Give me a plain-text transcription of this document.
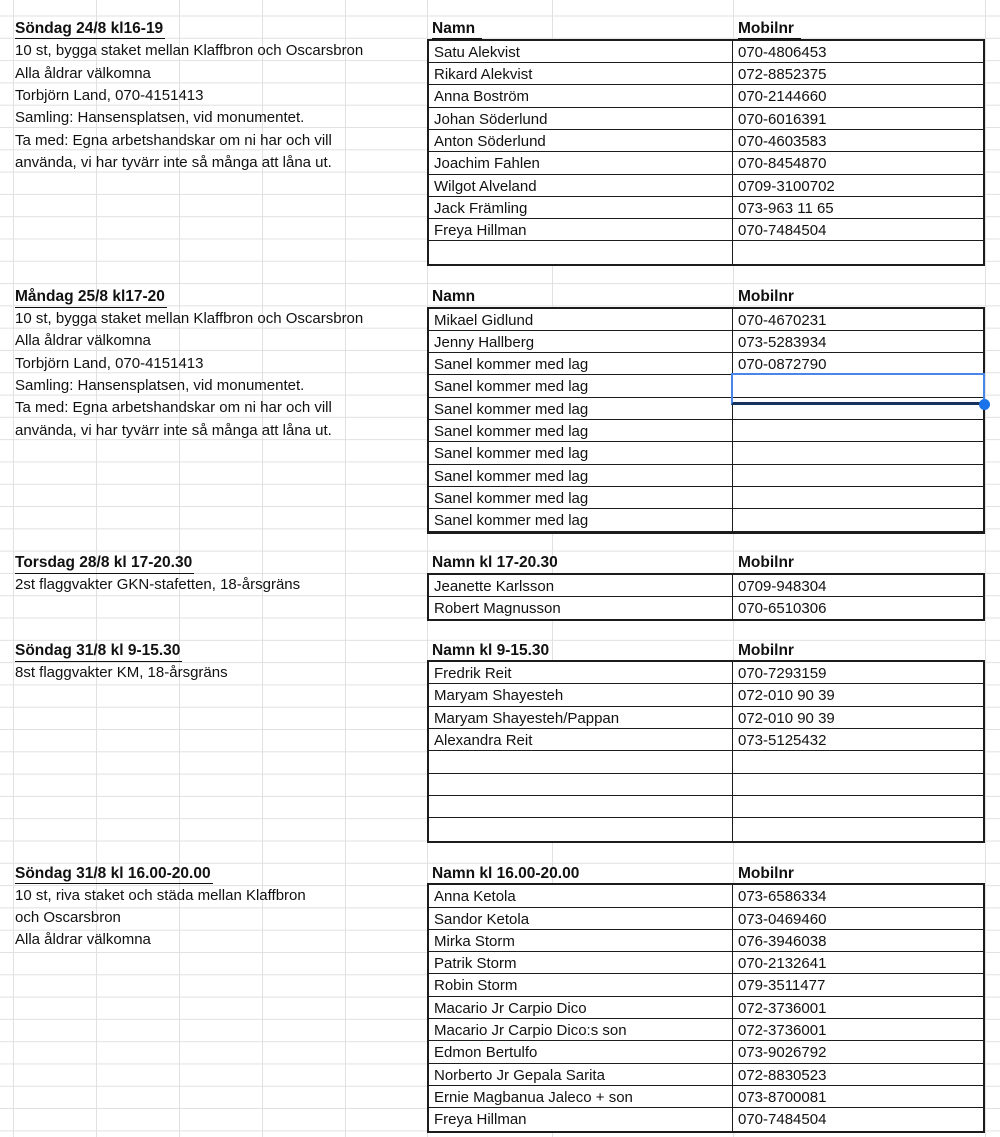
Söndag 24/8 kl16-19	Namn	Mobilnr
10 st, bygga staket mellan Klaffbron och Oscarsbron
Alla åldrar välkomna
Torbjörn Land, 070-4151413
Samling: Hansensplatsen, vid monumentet.
Ta med: Egna arbetshandskar om ni har och vill
använda, vi har tyvärr inte så många att låna ut.
Satu Alekvist	070-4806453
Rikard Alekvist	072-8852375
Anna Boström	070-2144660
Johan Söderlund	070-6016391
Anton Söderlund	070-4603583
Joachim Fahlen	070-8454870
Wilgot Alveland	0709-3100702
Jack Främling	073-963 11 65
Freya Hillman	070-7484504
Måndag 25/8 kl17-20	Namn	Mobilnr
10 st, bygga staket mellan Klaffbron och Oscarsbron
Alla åldrar välkomna
Torbjörn Land, 070-4151413
Samling: Hansensplatsen, vid monumentet.
Ta med: Egna arbetshandskar om ni har och vill
använda, vi har tyvärr inte så många att låna ut.
Mikael Gidlund	070-4670231
Jenny Hallberg	073-5283934
Sanel kommer med lag	070-0872790
Sanel kommer med lag
Sanel kommer med lag
Sanel kommer med lag
Sanel kommer med lag
Sanel kommer med lag
Sanel kommer med lag
Sanel kommer med lag
Torsdag 28/8 kl 17-20.30	Namn kl 17-20.30	Mobilnr
2st flaggvakter GKN-stafetten, 18-årsgräns	Jeanette Karlsson	0709-948304
Robert Magnusson	070-6510306
Söndag 31/8 kl 9-15.30	Namn kl 9-15.30	Mobilnr
8st flaggvakter KM, 18-årsgräns	Fredrik Reit	070-7293159
Maryam Shayesteh	072-010 90 39
Maryam Shayesteh/Pappan	072-010 90 39
Alexandra Reit	073-5125432
Söndag 31/8 kl 16.00-20.00	Namn kl 16.00-20.00	Mobilnr
10 st, riva staket och städa mellan Klaffbron
och Oscarsbron
Alla åldrar välkomna
Anna Ketola	073-6586334
Sandor Ketola	073-0469460
Mirka Storm	076-3946038
Patrik Storm	070-2132641
Robin Storm	079-3511477
Macario Jr Carpio Dico	072-3736001
Macario Jr Carpio Dico:s son	072-3736001
Edmon Bertulfo	073-9026792
Norberto Jr Gepala Sarita	072-8830523
Ernie Magbanua Jaleco + son	073-8700081
Freya Hillman	070-7484504
